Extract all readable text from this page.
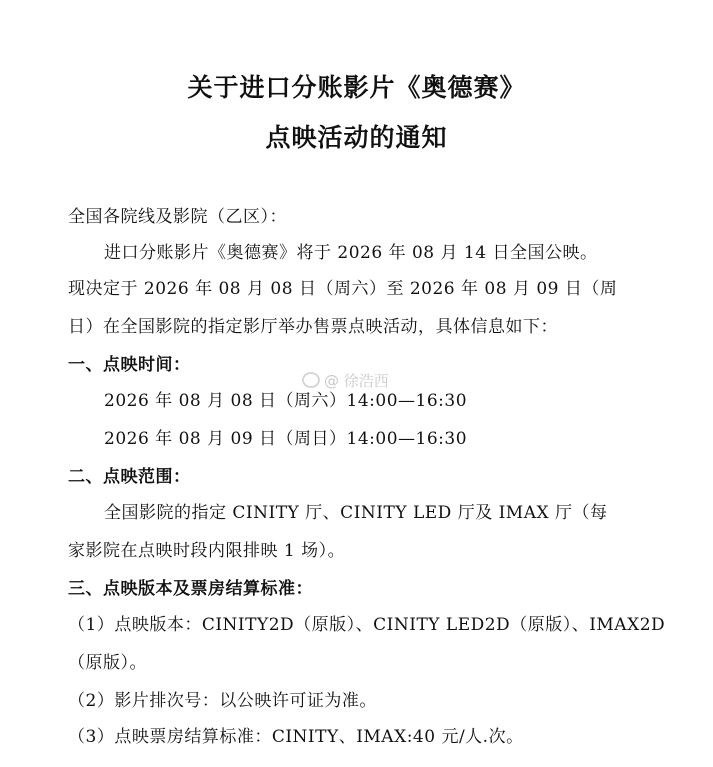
关于进口分账影片《奥德赛》
点映活动的通知
全国各院线及影院（乙区）：
进口分账影片《奥德赛》将于 2026 年 08 月 14 日全国公映。
现决定于 2026 年 08 月 08 日（周六）至 2026 年 08 月 09 日（周
日）在全国影院的指定影厅举办售票点映活动，具体信息如下：
一、点映时间：
2026 年 08 月 08 日（周六）14:00—16:30
2026 年 08 月 09 日（周日）14:00—16:30
二、点映范围：
全国影院的指定 CINITY 厅、CINITY LED 厅及 IMAX 厅（每
家影院在点映时段内限排映 1 场）。
三、点映版本及票房结算标准：
（1）点映版本：CINITY2D（原版）、CINITY LED2D（原版）、IMAX2D
（原版）。
（2）影片排次号：以公映许可证为准。
（3）点映票房结算标准：CINITY、IMAX:40 元/人.次。
@ 徐浩西
